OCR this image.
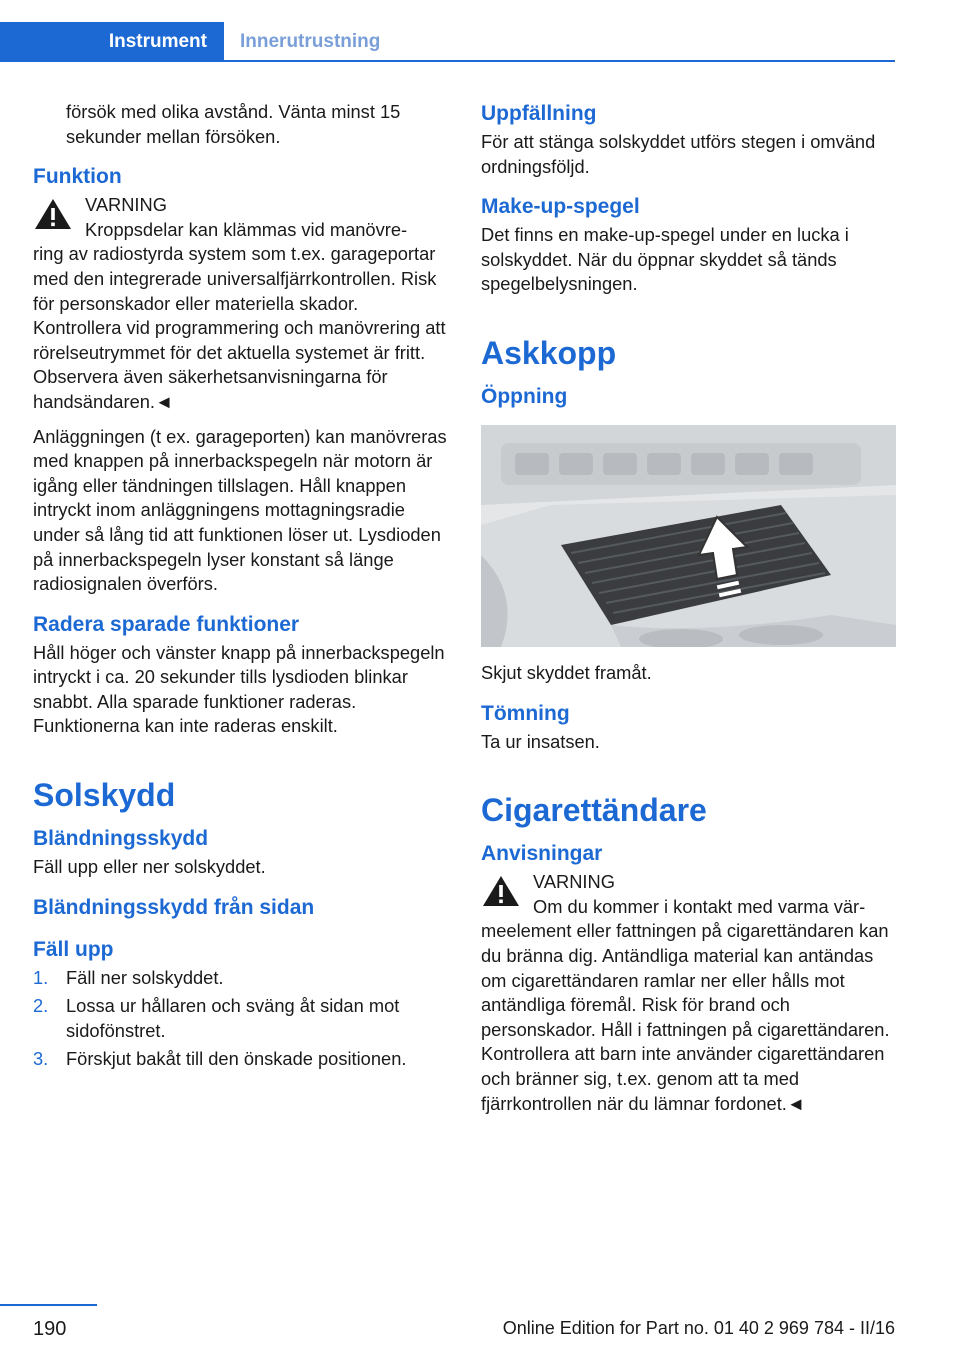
Instrument	Innerutrustning

försök med olika avstånd. Vänta minst 15 sekunder mellan försöken.

Funktion
VARNING
Kroppsdelar kan klämmas vid manövre-

ring av radiostyrda system som t.ex. garageportar med den integrerade universalfjärrkontrollen. Risk för personskador eller materiella skador. Kontrollera vid programmering och manövrering att rörelseutrymmet för det aktuella systemet är fritt. Observera även säkerhetsanvisningarna för handsändaren.◄

Anläggningen (t ex. garageporten) kan manövreras med knappen på innerbackspegeln när motorn är igång eller tändningen tillslagen. Håll knappen intryckt inom anläggningens mottagningsradie under så lång tid att funktionen löser ut. Lysdioden på innerbackspegeln lyser konstant så länge radiosignalen överförs.

Radera sparade funktioner

Håll höger och vänster knapp på innerbackspegeln intryckt i ca. 20 sekunder tills lysdioden blinkar snabbt. Alla sparade funktioner raderas. Funktionerna kan inte raderas enskilt.

Solskydd
Bländningsskydd

Fäll upp eller ner solskyddet.

Bländningsskydd från sidan
Fäll upp
1. Fäll ner solskyddet.
2. Lossa ur hållaren och sväng åt sidan mot sidofönstret.
3. Förskjut bakåt till den önskade positionen.
Uppfällning

För att stänga solskyddet utförs stegen i omvänd ordningsföljd.

Make-up-spegel

Det finns en make-up-spegel under en lucka i solskyddet. När du öppnar skyddet så tänds spegelbelysningen.

Askkopp
Öppning

Skjut skyddet framåt.

Tömning

Ta ur insatsen.

Cigarettändare
Anvisningar
VARNING
Om du kommer i kontakt med varma vär-

meelement eller fattningen på cigarettändaren kan du bränna dig. Antändliga material kan antändas om cigarettändaren ramlar ner eller hålls mot antändliga föremål. Risk för brand och personskador. Håll i fattningen på cigarettändaren. Kontrollera att barn inte använder cigarettändaren och bränner sig, t.ex. genom att ta med fjärrkontrollen när du lämnar fordonet.◄

190	Online Edition for Part no. 01 40 2 969 784 - II/16
